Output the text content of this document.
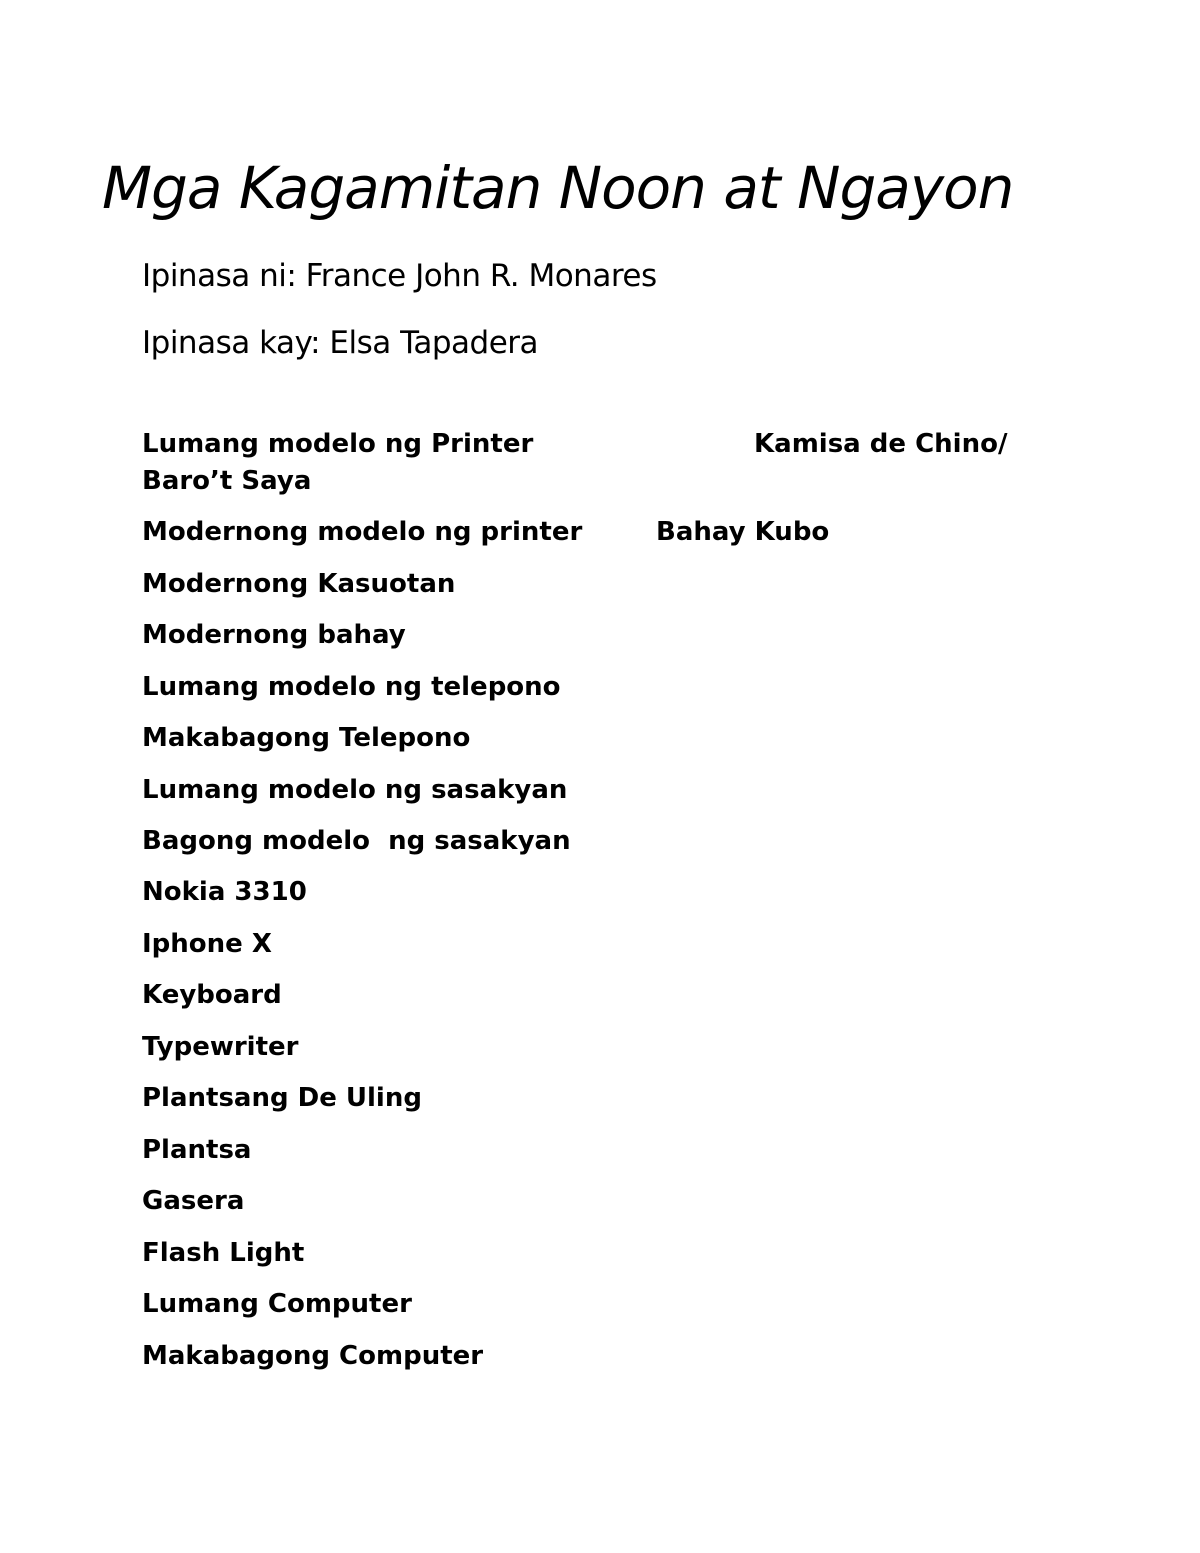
Mga Kagamitan Noon at Ngayon

Ipinasa ni: France John R. Monares

Ipinasa kay: Elsa Tapadera

Lumang modelo ng Printer	Kamisa de Chino/
Baro’t Saya
Modernong modelo ng printer	Bahay Kubo
Modernong Kasuotan
Modernong bahay
Lumang modelo ng telepono
Makabagong Telepono
Lumang modelo ng sasakyan
Bagong modelo  ng sasakyan
Nokia 3310
Iphone X
Keyboard
Typewriter
Plantsang De Uling
Plantsa
Gasera
Flash Light
Lumang Computer
Makabagong Computer
